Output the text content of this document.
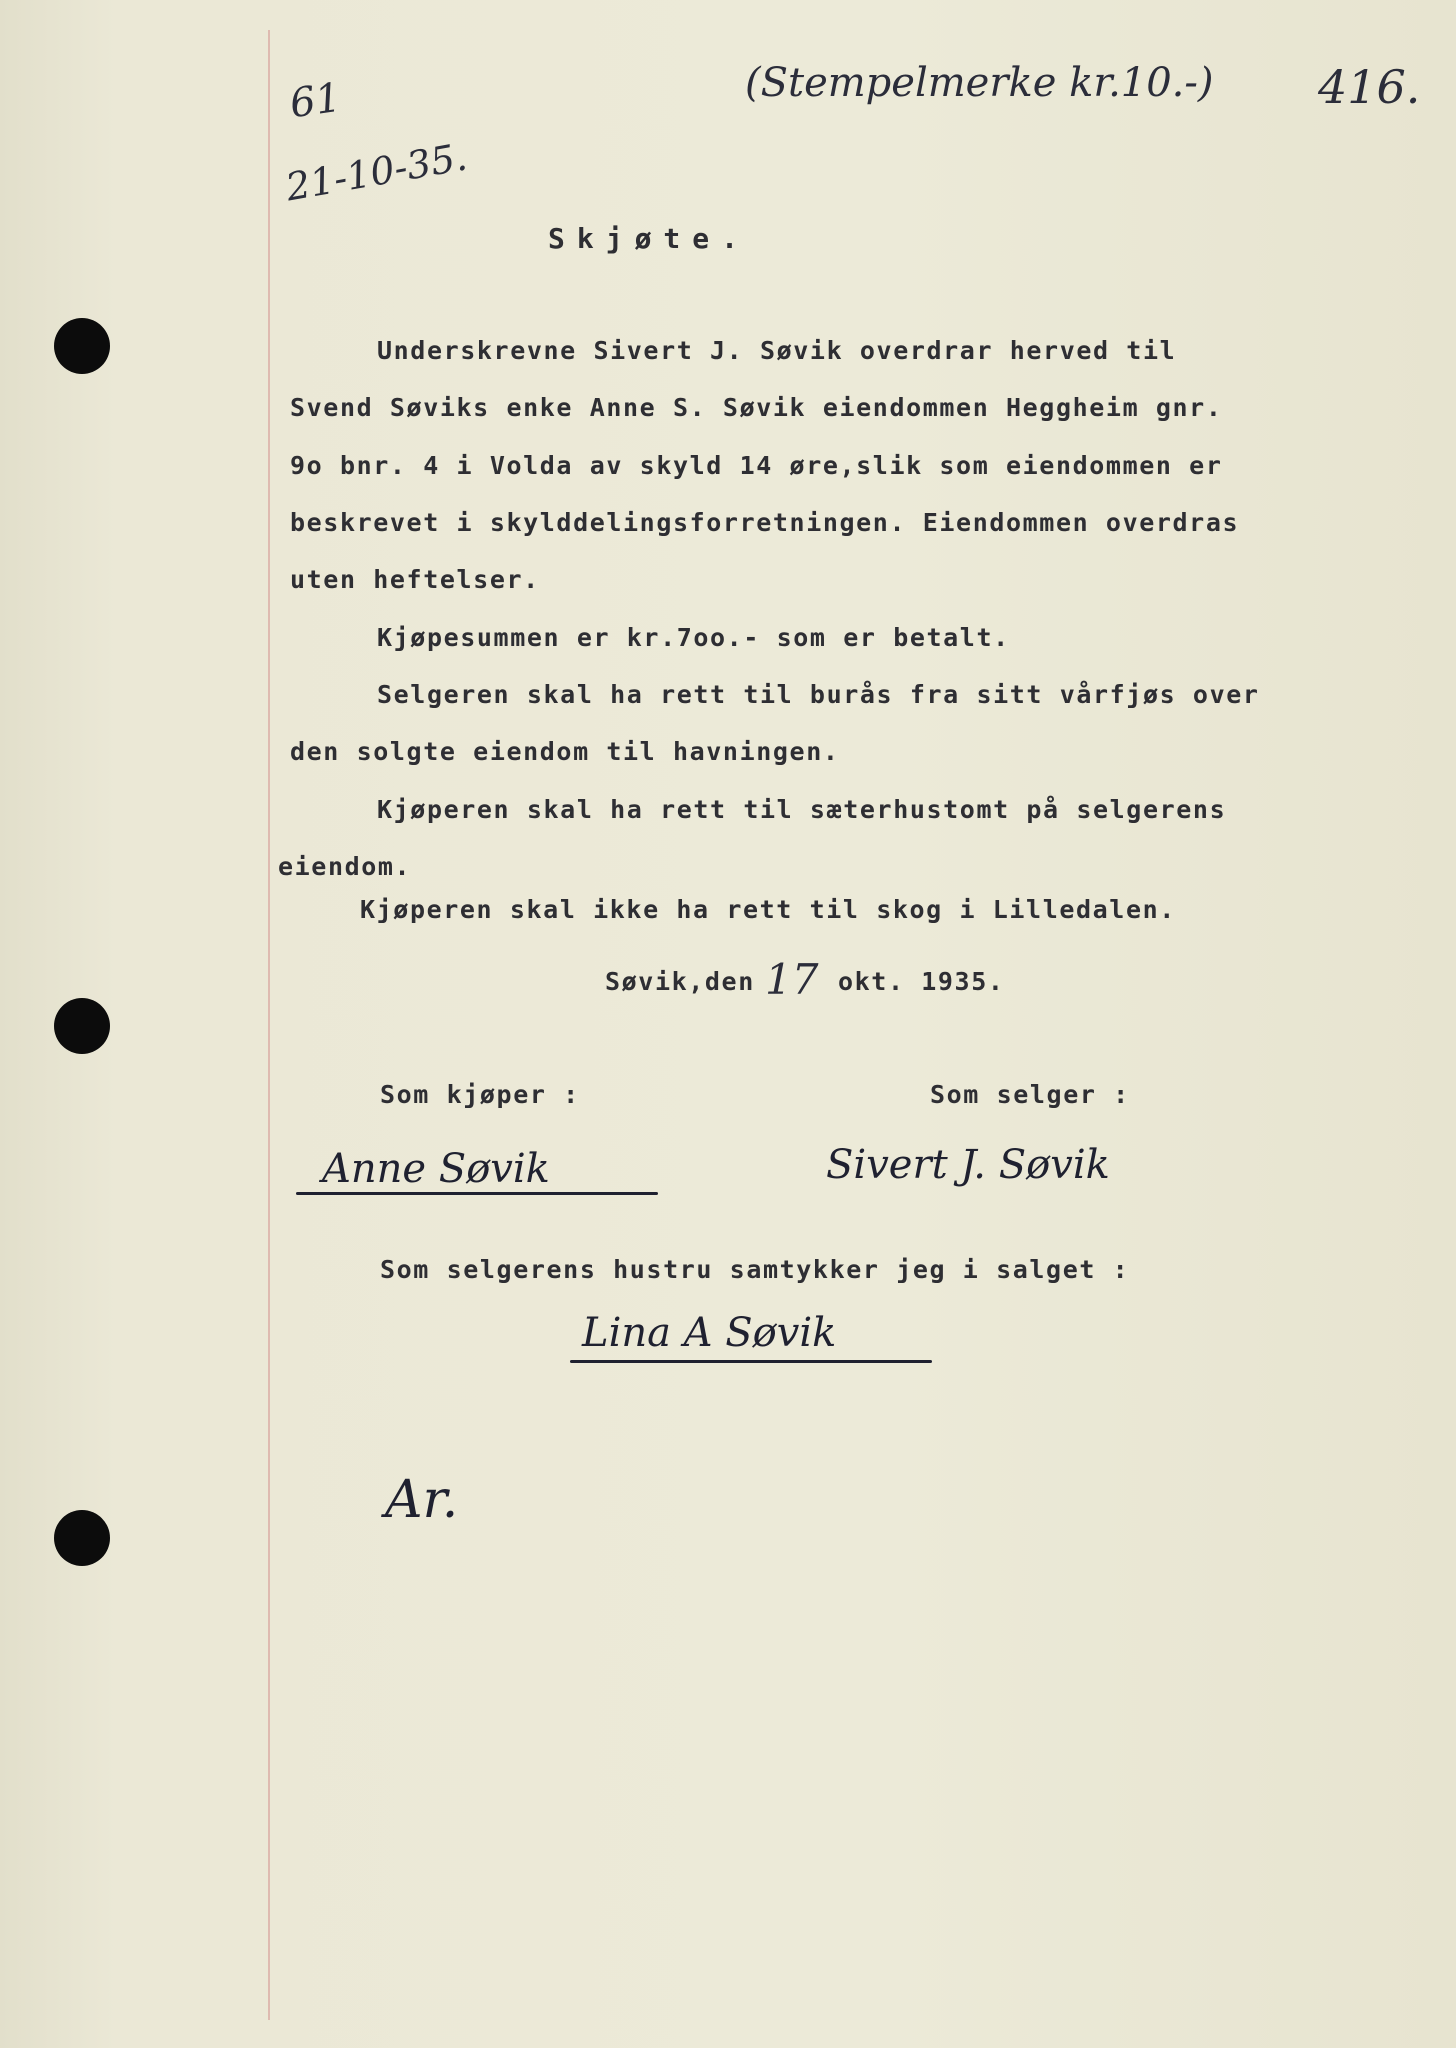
61
21-10-35.
(Stempelmerke kr.10.-) 416.
Skjøte.
Underskrevne Sivert J. Søvik overdrar herved til
Svend Søviks enke Anne S. Søvik eiendommen Heggheim gnr.
9o bnr. 4 i Volda av skyld 14 øre,slik som eiendommen er
beskrevet i skylddelingsforretningen. Eiendommen overdras
uten heftelser.
Kjøpesummen er kr.7oo.- som er betalt.
Selgeren skal ha rett til burås fra sitt vårfjøs over
den solgte eiendom til havningen.
Kjøperen skal ha rett til sæterhustomt på selgerens
eiendom.
Kjøperen skal ikke ha rett til skog i Lilledalen.
Søvik,den 17 okt. 1935.
Som kjøper :	Som selger :
Anne Søvik	Sivert J. Søvik
Som selgerens hustru samtykker jeg i salget :
Lina A Søvik
Ar.
